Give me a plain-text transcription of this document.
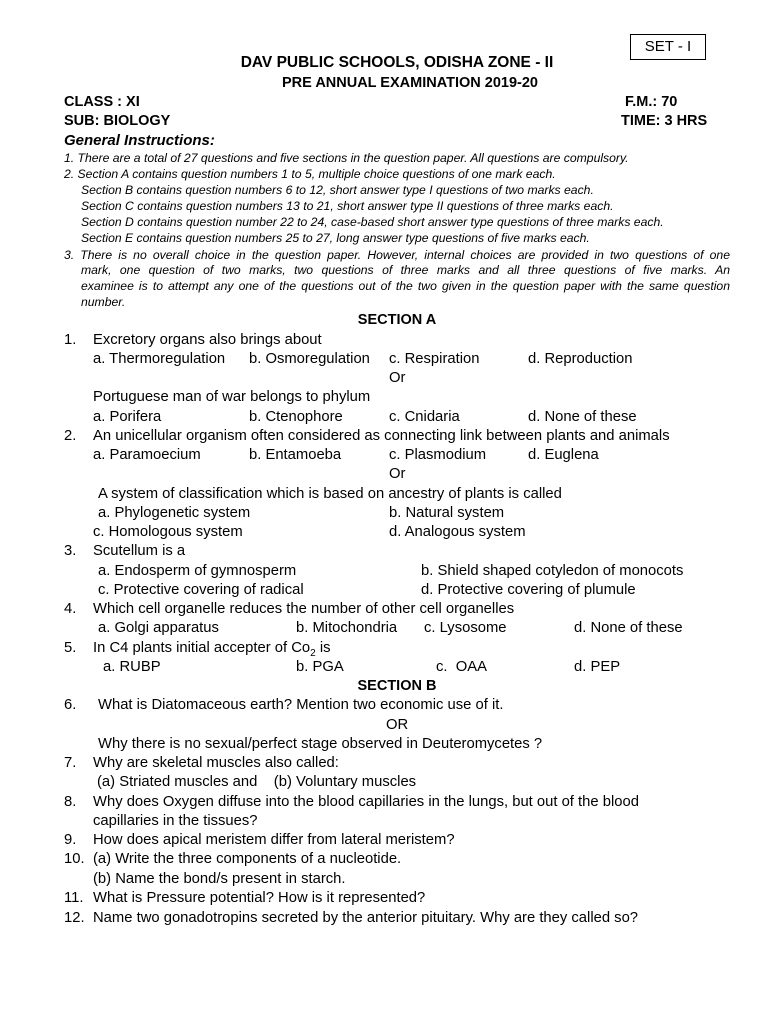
SET - I
DAV PUBLIC SCHOOLS, ODISHA ZONE - II
PRE ANNUAL EXAMINATION 2019-20
CLASS : XI	F.M.: 70
SUB: BIOLOGY	TIME: 3 HRS
General Instructions:
1. There are a total of 27 questions and five sections in the question paper. All questions are compulsory.
2. Section A contains question numbers 1 to 5, multiple choice questions of one mark each.
Section B contains question numbers 6 to 12, short answer type I questions of two marks each.
Section C contains question numbers 13 to 21, short answer type II questions of three marks each.
Section D contains question number 22 to 24, case-based short answer type questions of three marks each.
Section E contains question numbers 25 to 27, long answer type questions of five marks each.
3. There is no overall choice in the question paper. However, internal choices are provided in two questions of one
mark, one question of two marks, two questions of three marks and all three questions of five marks. An
examinee is to attempt any one of the questions out of the two given in the question paper with the same question
number.
SECTION A
1. Excretory organs also brings about
a. Thermoregulation b. Osmoregulation c. Respiration	d. Reproduction
Or
Portuguese man of war belongs to phylum
a. Porifera	b. Ctenophore	c. Cnidaria	d. None of these
2. An unicellular organism often considered as connecting link between plants and animals
a. Paramoecium	b. Entamoeba	c. Plasmodium	d. Euglena
Or
A system of classification which is based on ancestry of plants is called
a. Phylogenetic system	b. Natural system
c. Homologous system	d. Analogous system
3. Scutellum is a
a. Endosperm of gymnosperm	b. Shield shaped cotyledon of monocots
c. Protective covering of radical	d. Protective covering of plumule
4. Which cell organelle reduces the number of other cell organelles
a. Golgi apparatus	b. Mitochondria c. Lysosome	d. None of these
5. In C4 plants initial accepter of $Co_2$ is
a. RUBP	b. PGA	c.  OAA	d. PEP
SECTION B
6. What is Diatomaceous earth? Mention two economic use of it.
OR
Why there is no sexual/perfect stage observed in Deuteromycetes ?
7. Why are skeletal muscles also called:
(a) Striated muscles and    (b) Voluntary muscles
8. Why does Oxygen diffuse into the blood capillaries in the lungs, but out of the blood
capillaries in the tissues?
9. How does apical meristem differ from lateral meristem?
10. (a) Write the three components of a nucleotide.
(b) Name the bond/s present in starch.
11. What is Pressure potential? How is it represented?
12. Name two gonadotropins secreted by the anterior pituitary. Why are they called so?
